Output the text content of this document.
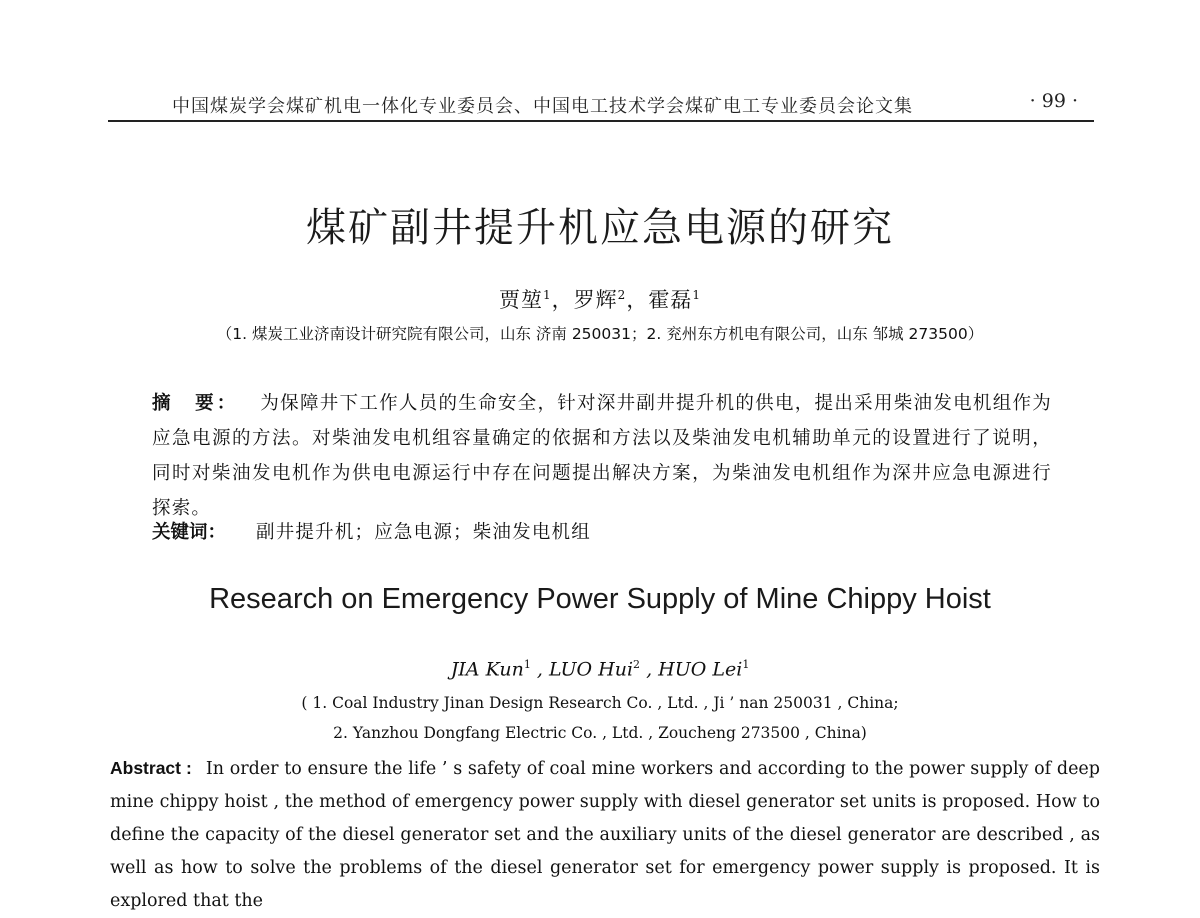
中国煤炭学会煤矿机电一体化专业委员会、中国电工技术学会煤矿电工专业委员会论文集	· 99 ·
煤矿副井提升机应急电源的研究
贾堃$^1$，罗辉$^2$，霍磊$^1$
（1. 煤炭工业济南设计研究院有限公司，山东 济南 250031；2. 兖州东方机电有限公司，山东 邹城 273500）
摘　要： 为保障井下工作人员的生命安全，针对深井副井提升机的供电，提出采用柴油发电机组作为应急电源的方法。对柴油发电机组容量确定的依据和方法以及柴油发电机辅助单元的设置进行了说明，同时对柴油发电机作为供电电源运行中存在问题提出解决方案，为柴油发电机组作为深井应急电源进行探索。
关键词： 副井提升机；应急电源；柴油发电机组
Research on Emergency Power Supply of Mine Chippy Hoist
JIA Kun$^1$ , LUO Hui$^2$ , HUO Lei$^1$
( 1. Coal Industry Jinan Design Research Co. , Ltd. , Ji ’ nan 250031 , China;
2. Yanzhou Dongfang Electric Co. , Ltd. , Zoucheng 273500 , China)
Abstract : In order to ensure the life ’ s safety of coal mine workers and according to the power supply of deep mine chippy hoist , the method of emergency power supply with diesel generator set units is proposed. How to define the capacity of the diesel generator set and the auxiliary units of the diesel generator are described , as well as how to solve the problems of the diesel generator set for emergency power supply is proposed. It is explored that the
